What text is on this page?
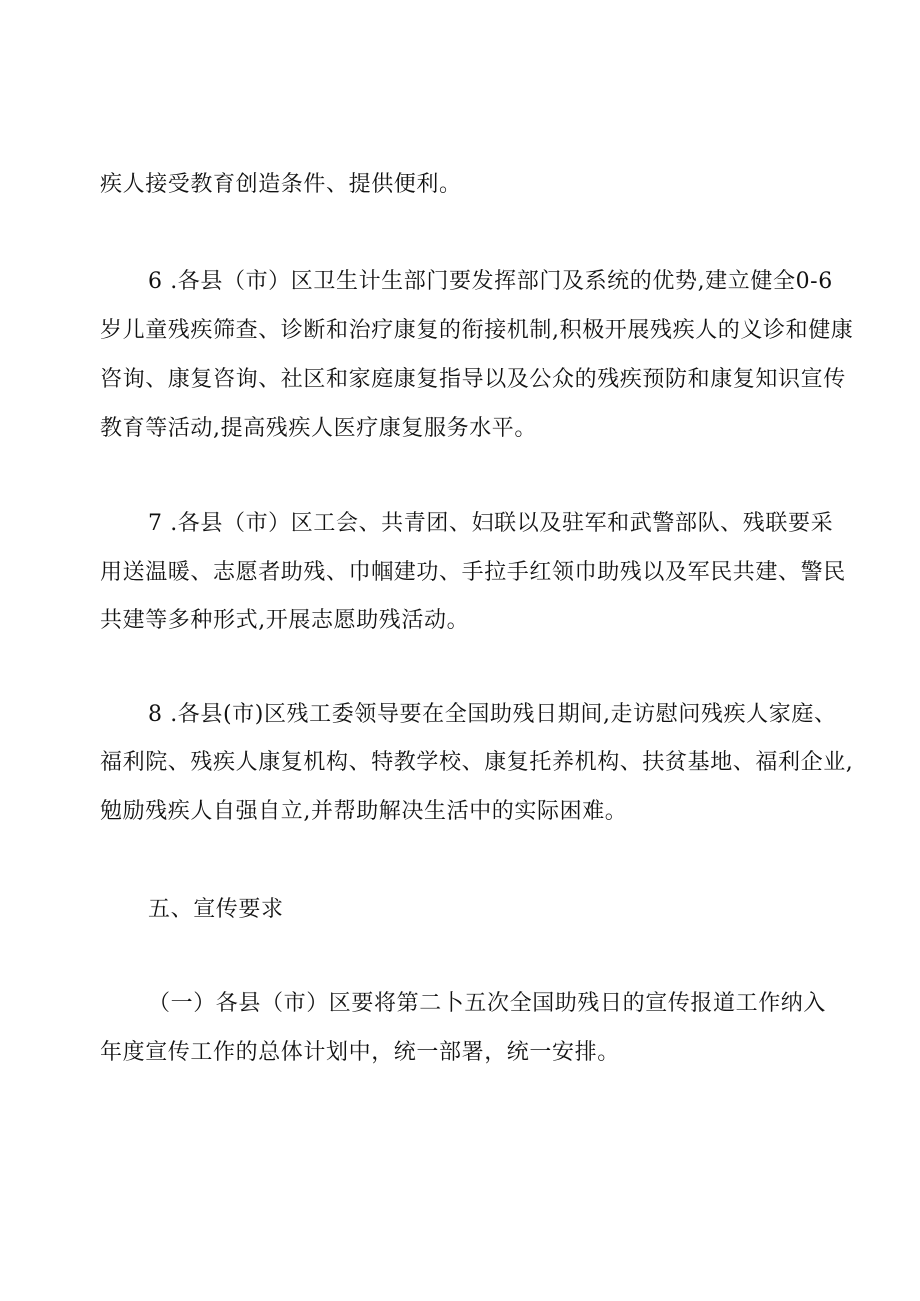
疾人接受教育创造条件、提供便利。
6 .各县（市）区卫生计生部门要发挥部门及系统的优势,建立健全0-6
岁儿童残疾筛查、诊断和治疗康复的衔接机制,积极开展残疾人的义诊和健康
咨询、康复咨询、社区和家庭康复指导以及公众的残疾预防和康复知识宣传
教育等活动,提高残疾人医疗康复服务水平。
7 .各县（市）区工会、共青团、妇联以及驻军和武警部队、残联要采
用送温暖、志愿者助残、巾帼建功、手拉手红领巾助残以及军民共建、警民
共建等多种形式,开展志愿助残活动。
8 .各县(市)区残工委领导要在全国助残日期间,走访慰问残疾人家庭、
福利院、残疾人康复机构、特教学校、康复托养机构、扶贫基地、福利企业,
勉励残疾人自强自立,并帮助解决生活中的实际困难。
五、宣传要求
（一）各县（市）区要将第二卜五次全国助残日的宣传报道工作纳入
年度宣传工作的总体计划中，统一部署，统一安排。
